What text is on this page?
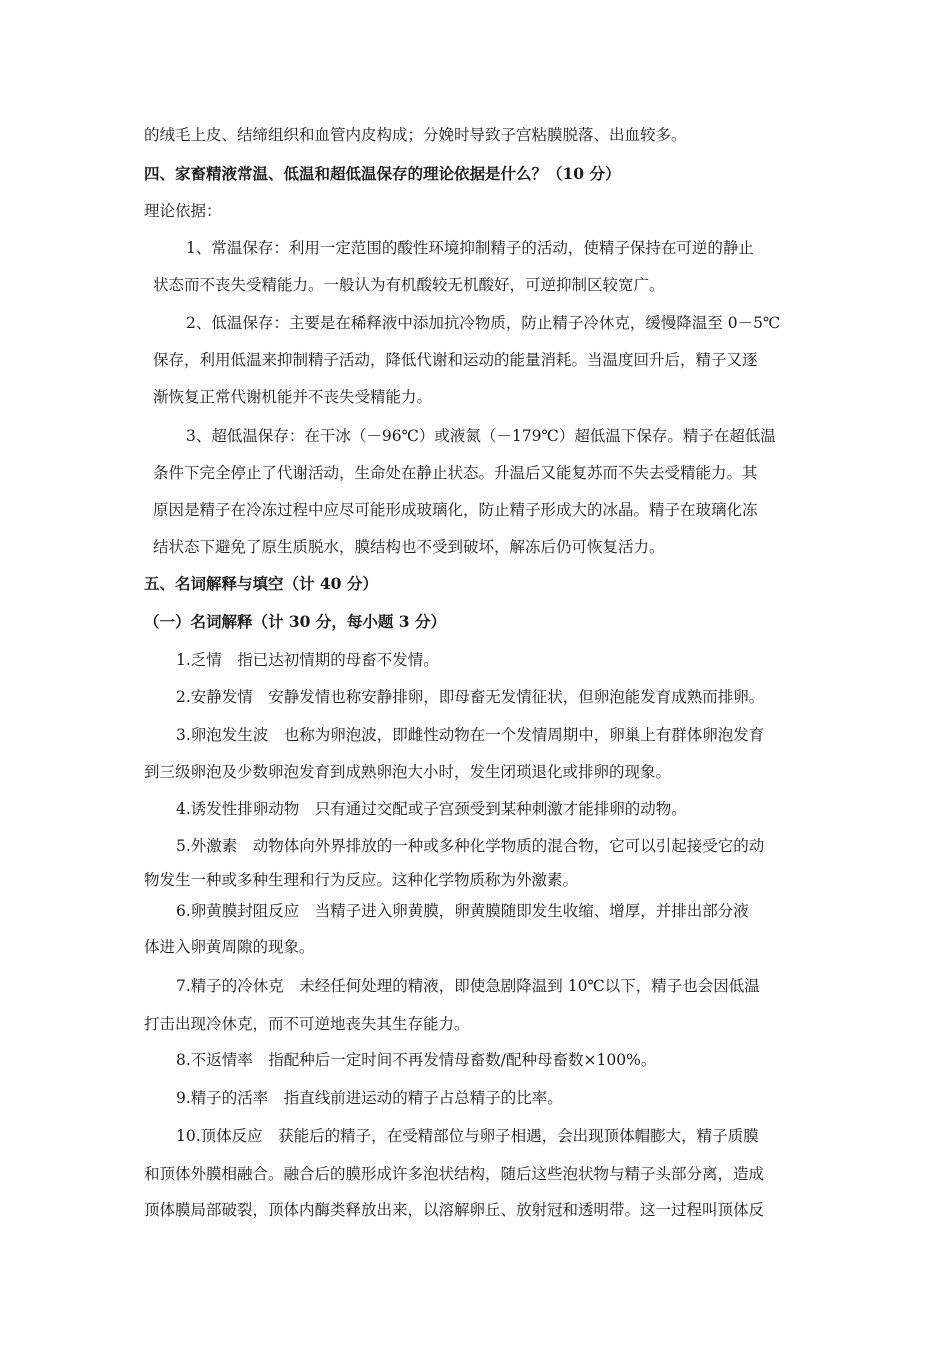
的绒毛上皮、结缔组织和血管内皮构成；分娩时导致子宫粘膜脱落、出血较多。
四、家畜精液常温、低温和超低温保存的理论依据是什么？（10 分）
理论依据：
1、常温保存：利用一定范围的酸性环境抑制精子的活动，使精子保持在可逆的静止
状态而不丧失受精能力。一般认为有机酸较无机酸好，可逆抑制区较宽广。
2、低温保存：主要是在稀释液中添加抗冷物质，防止精子冷休克，缓慢降温至 0－5℃
保存，利用低温来抑制精子活动，降低代谢和运动的能量消耗。当温度回升后，精子又逐
渐恢复正常代谢机能并不丧失受精能力。
3、超低温保存：在干冰（－96℃）或液氮（－179℃）超低温下保存。精子在超低温
条件下完全停止了代谢活动，生命处在静止状态。升温后又能复苏而不失去受精能力。其
原因是精子在冷冻过程中应尽可能形成玻璃化，防止精子形成大的冰晶。精子在玻璃化冻
结状态下避免了原生质脱水，膜结构也不受到破坏，解冻后仍可恢复活力。
五、名词解释与填空（计 40 分）
（一）名词解释（计 30 分，每小题 3 分）
1.乏情　指已达初情期的母畜不发情。
2.安静发情　安静发情也称安静排卵，即母畜无发情征状，但卵泡能发育成熟而排卵。
3.卵泡发生波　也称为卵泡波，即雌性动物在一个发情周期中，卵巢上有群体卵泡发育
到三级卵泡及少数卵泡发育到成熟卵泡大小时，发生闭琐退化或排卵的现象。
4.诱发性排卵动物　只有通过交配或子宫颈受到某种刺激才能排卵的动物。
5.外激素　动物体向外界排放的一种或多种化学物质的混合物，它可以引起接受它的动
物发生一种或多种生理和行为反应。这种化学物质称为外激素。
6.卵黄膜封阻反应　当精子进入卵黄膜，卵黄膜随即发生收缩、增厚，并排出部分液
体进入卵黄周隙的现象。
7.精子的冷休克　未经任何处理的精液，即使急剧降温到 10℃以下，精子也会因低温
打击出现冷休克，而不可逆地丧失其生存能力。
8.不返情率　指配种后一定时间不再发情母畜数/配种母畜数×100%。
9.精子的活率　指直线前进运动的精子占总精子的比率。
10.顶体反应　获能后的精子，在受精部位与卵子相遇，会出现顶体帽膨大，精子质膜
和顶体外膜相融合。融合后的膜形成许多泡状结构，随后这些泡状物与精子头部分离，造成
顶体膜局部破裂，顶体内酶类释放出来，以溶解卵丘、放射冠和透明带。这一过程叫顶体反
